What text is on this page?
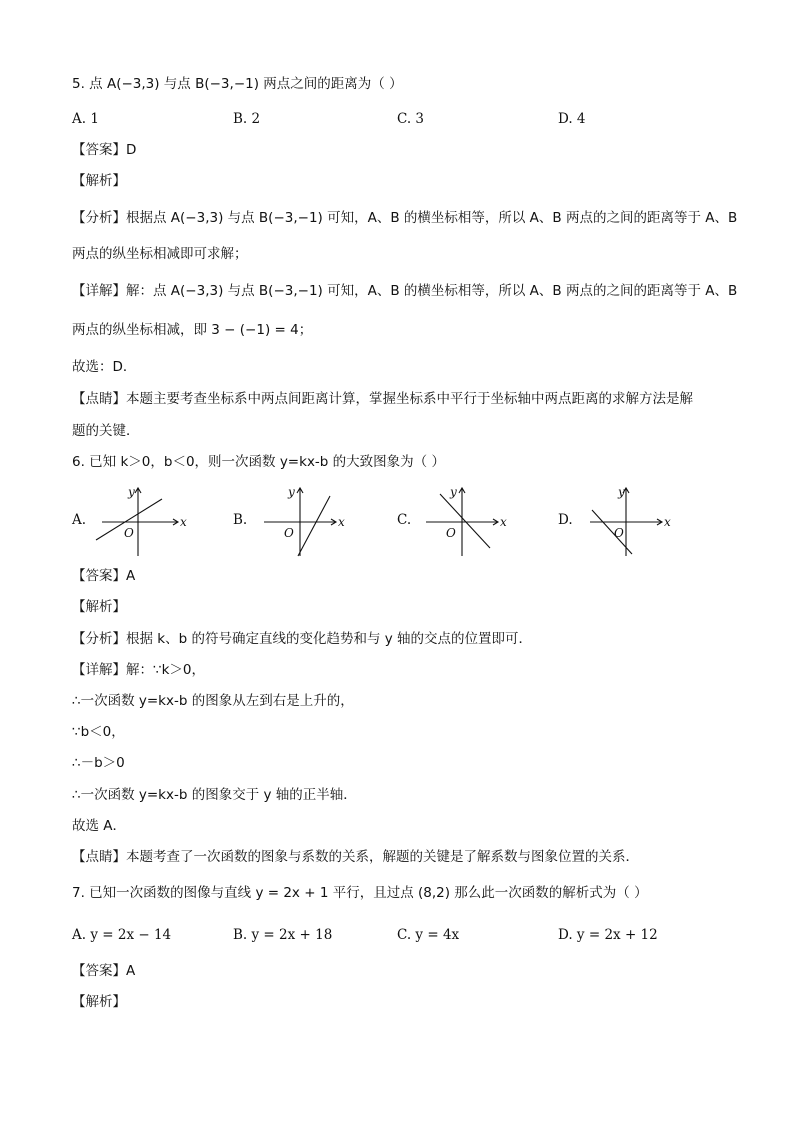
5. 点 A(−3,3) 与点 B(−3,−1) 两点之间的距离为（ ）
A. 1	B. 2	C. 3	D. 4
【答案】D
【解析】
【分析】根据点 A(−3,3) 与点 B(−3,−1) 可知，A、B 的横坐标相等，所以 A、B 两点的之间的距离等于 A、B
两点的纵坐标相减即可求解；
【详解】解：点 A(−3,3) 与点 B(−3,−1) 可知，A、B 的横坐标相等，所以 A、B 两点的之间的距离等于 A、B
两点的纵坐标相减，即 3 − (−1) = 4；
故选：D．
【点睛】本题主要考查坐标系中两点间距离计算，掌握坐标系中平行于坐标轴中两点距离的求解方法是解
题的关键．
6. 已知 k＞0，b＜0，则一次函数 y=kx-b 的大致图象为（ ）
A.
y
x
O
B.
y
x
O
C.
y
x
O
D.
y
x
O
【答案】A
【解析】
【分析】根据 k、b 的符号确定直线的变化趋势和与 y 轴的交点的位置即可．
【详解】解：∵k＞0，
∴一次函数 y=kx-b 的图象从左到右是上升的，
∵b＜0，
∴－b＞0
∴一次函数 y=kx-b 的图象交于 y 轴的正半轴．
故选 A．
【点睛】本题考查了一次函数的图象与系数的关系，解题的关键是了解系数与图象位置的关系．
7. 已知一次函数的图像与直线 y = 2x + 1 平行，且过点 (8,2) 那么此一次函数的解析式为（ ）
A. y = 2x − 14	B. y = 2x + 18	C. y = 4x	D. y = 2x + 12
【答案】A
【解析】
